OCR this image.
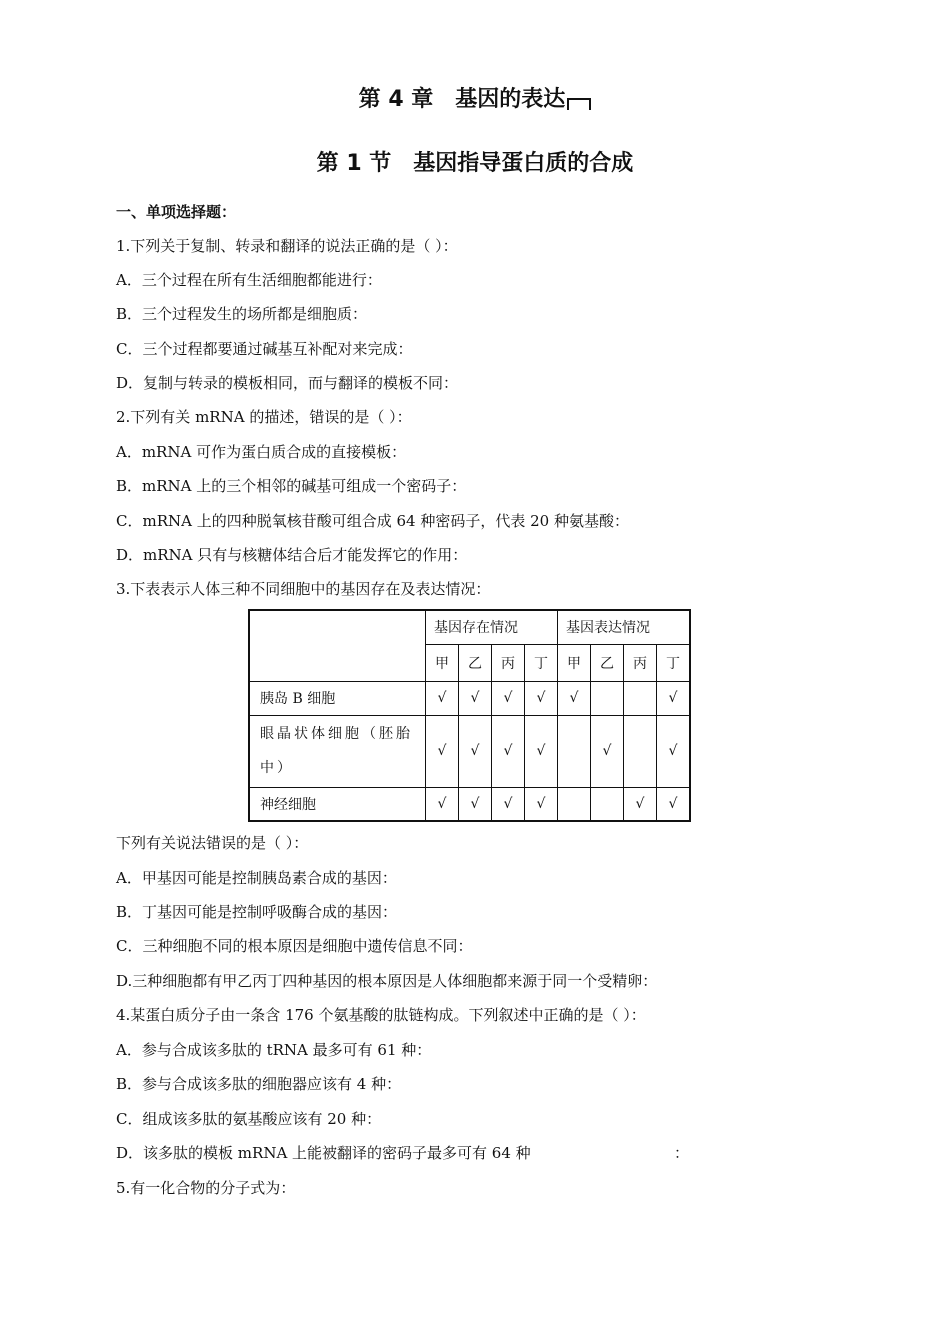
第 4 章　基因的表达
第 1 节　基因指导蛋白质的合成
一、单项选择题：
1.下列关于复制、转录和翻译的说法正确的是（ ）：
A．三个过程在所有生活细胞都能进行：
B．三个过程发生的场所都是细胞质：
C．三个过程都要通过碱基互补配对来完成：
D．复制与转录的模板相同，而与翻译的模板不同：
2.下列有关 mRNA 的描述，错误的是（ ）：
A．mRNA 可作为蛋白质合成的直接模板：
B．mRNA 上的三个相邻的碱基可组成一个密码子：
C．mRNA 上的四种脱氧核苷酸可组合成 64 种密码子，代表 20 种氨基酸：
D．mRNA 只有与核糖体结合后才能发挥它的作用：
3.下表表示人体三种不同细胞中的基因存在及表达情况：
	基因存在情况				基因表达情况			
	甲	乙	丙	丁	甲	乙	丙	丁
胰岛 B 细胞	√	√	√	√	√			√
眼晶状体细胞（胚胎中）	√	√	√	√		√		√
神经细胞	√	√	√	√			√	√
下列有关说法错误的是（ ）：
A．甲基因可能是控制胰岛素合成的基因：
B．丁基因可能是控制呼吸酶合成的基因：
C．三种细胞不同的根本原因是细胞中遗传信息不同：
D.三种细胞都有甲乙丙丁四种基因的根本原因是人体细胞都来源于同一个受精卵：
4.某蛋白质分子由一条含 176 个氨基酸的肽链构成。下列叙述中正确的是（ ）：
A．参与合成该多肽的 tRNA 最多可有 61 种：
B．参与合成该多肽的细胞器应该有 4 种：
C．组成该多肽的氨基酸应该有 20 种：
D．该多肽的模板 mRNA 上能被翻译的密码子最多可有 64 种	：
5.有一化合物的分子式为：
